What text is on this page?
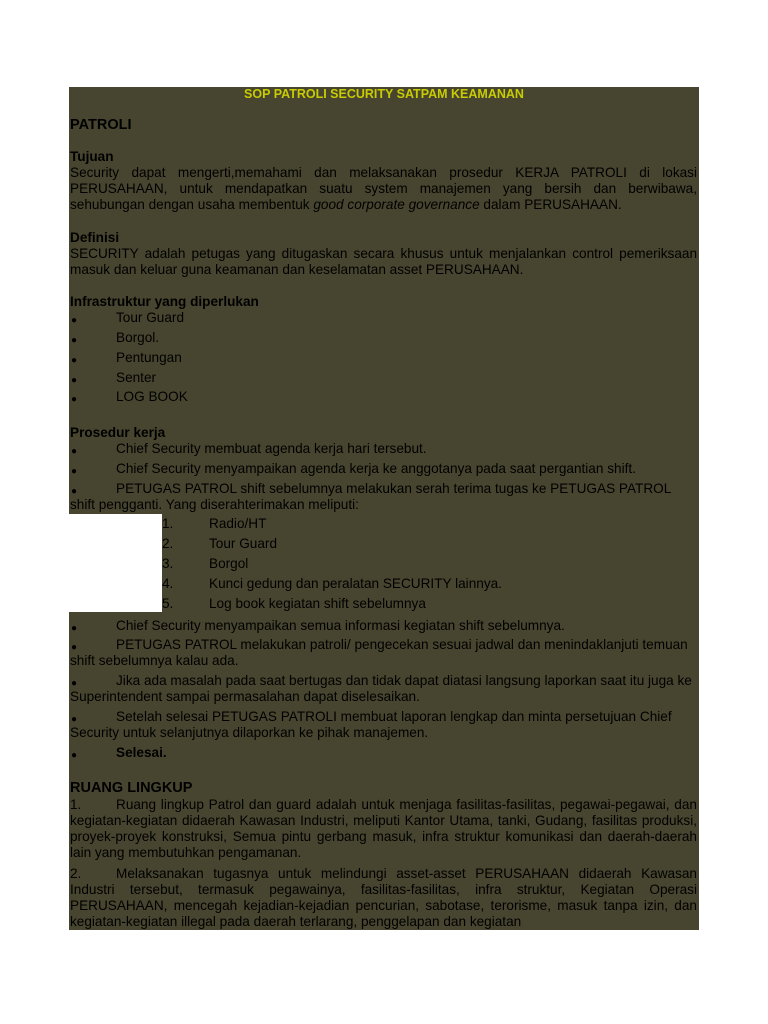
SOP PATROLI SECURITY SATPAM KEAMANAN
PATROLI
Tujuan
Security dapat mengerti,memahami dan melaksanakan prosedur KERJA PATROLI di lokasi PERUSAHAAN, untuk mendapatkan suatu system manajemen yang bersih dan berwibawa, sehubungan dengan usaha membentuk good corporate governance dalam PERUSAHAAN.
Definisi
SECURITY adalah petugas yang ditugaskan secara khusus untuk menjalankan control pemeriksaan masuk dan keluar guna keamanan dan keselamatan asset PERUSAHAAN.
Infrastruktur yang diperlukan
●	Tour Guard
●	Borgol.
●	Pentungan
●	Senter
●	LOG BOOK
Prosedur kerja
●	Chief Security membuat agenda kerja hari tersebut.
●	Chief Security menyampaikan agenda kerja ke anggotanya pada saat pergantian shift.
●	PETUGAS PATROL shift sebelumnya melakukan serah terima tugas ke PETUGAS PATROL shift pengganti. Yang diserahterimakan meliputi:
1.	Radio/HT
2.	Tour Guard
3.	Borgol
4.	Kunci gedung dan peralatan SECURITY lainnya.
5.	Log book kegiatan shift sebelumnya
●	Chief Security menyampaikan semua informasi kegiatan shift sebelumnya.
●	PETUGAS PATROL melakukan patroli/ pengecekan sesuai jadwal dan menindaklanjuti temuan shift sebelumnya kalau ada.
●	Jika ada masalah pada saat bertugas dan tidak dapat diatasi langsung laporkan saat itu juga ke Superintendent sampai permasalahan dapat diselesaikan.
●	Setelah selesai PETUGAS PATROLI membuat laporan lengkap dan minta persetujuan Chief Security untuk selanjutnya dilaporkan ke pihak manajemen.
●	Selesai.
RUANG LINGKUP
1.	Ruang lingkup Patrol dan guard adalah untuk menjaga fasilitas-fasilitas, pegawai-pegawai, dan kegiatan-kegiatan didaerah Kawasan Industri, meliputi Kantor Utama, tanki, Gudang, fasilitas produksi, proyek-proyek konstruksi, Semua pintu gerbang masuk, infra struktur komunikasi dan daerah-daerah lain yang membutuhkan pengamanan.
2.	Melaksanakan tugasnya untuk melindungi asset-asset PERUSAHAAN didaerah Kawasan Industri tersebut, termasuk pegawainya, fasilitas-fasilitas, infra struktur, Kegiatan Operasi PERUSAHAAN, mencegah kejadian-kejadian pencurian, sabotase, terorisme, masuk tanpa izin, dan kegiatan-kegiatan illegal pada daerah terlarang, penggelapan dan kegiatan
